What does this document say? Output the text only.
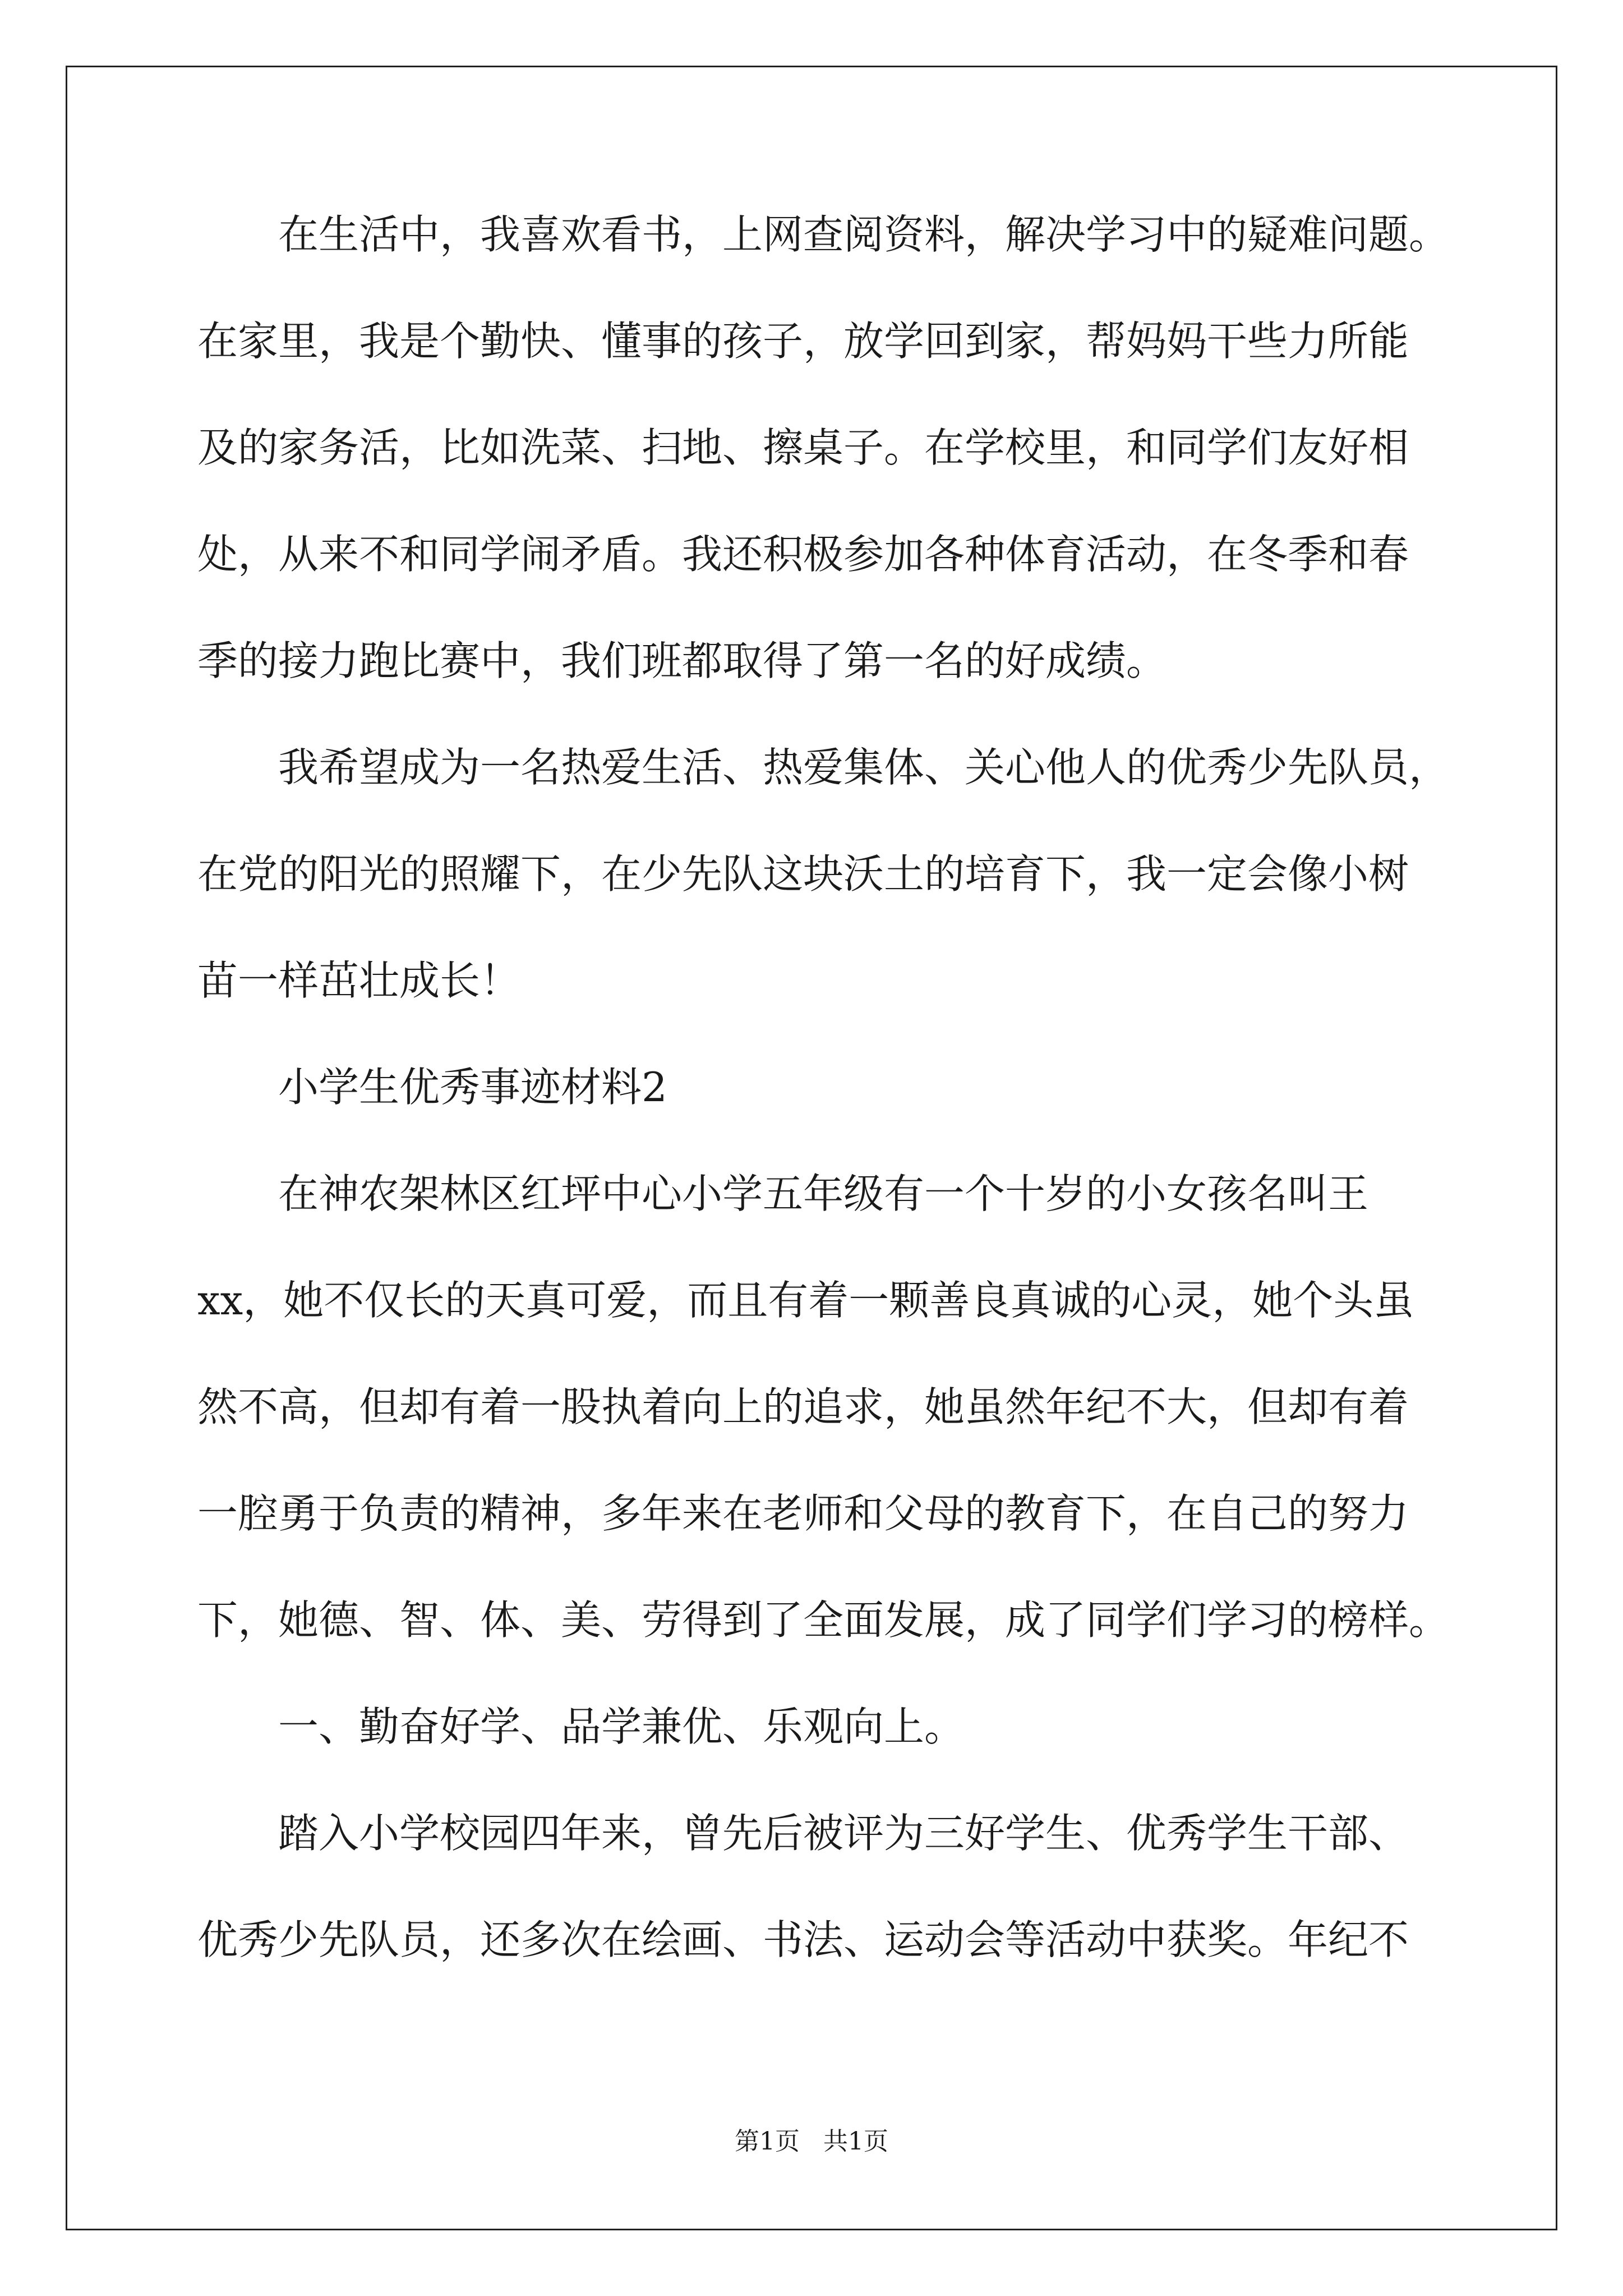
在生活中，我喜欢看书，上网查阅资料，解决学习中的疑难问题。
在家里，我是个勤快、懂事的孩子，放学回到家，帮妈妈干些力所能
及的家务活，比如洗菜、扫地、擦桌子。在学校里，和同学们友好相
处，从来不和同学闹矛盾。我还积极参加各种体育活动，在冬季和春
季的接力跑比赛中，我们班都取得了第一名的好成绩。
我希望成为一名热爱生活、热爱集体、关心他人的优秀少先队员，
在党的阳光的照耀下，在少先队这块沃土的培育下，我一定会像小树
苗一样茁壮成长！
小学生优秀事迹材料2
在神农架林区红坪中心小学五年级有一个十岁的小女孩名叫王
xx，她不仅长的天真可爱，而且有着一颗善良真诚的心灵，她个头虽
然不高，但却有着一股执着向上的追求，她虽然年纪不大，但却有着
一腔勇于负责的精神，多年来在老师和父母的教育下，在自己的努力
下，她德、智、体、美、劳得到了全面发展，成了同学们学习的榜样。
一、勤奋好学、品学兼优、乐观向上。
踏入小学校园四年来，曾先后被评为三好学生、优秀学生干部、
优秀少先队员，还多次在绘画、书法、运动会等活动中获奖。年纪不
第1页   共1页
